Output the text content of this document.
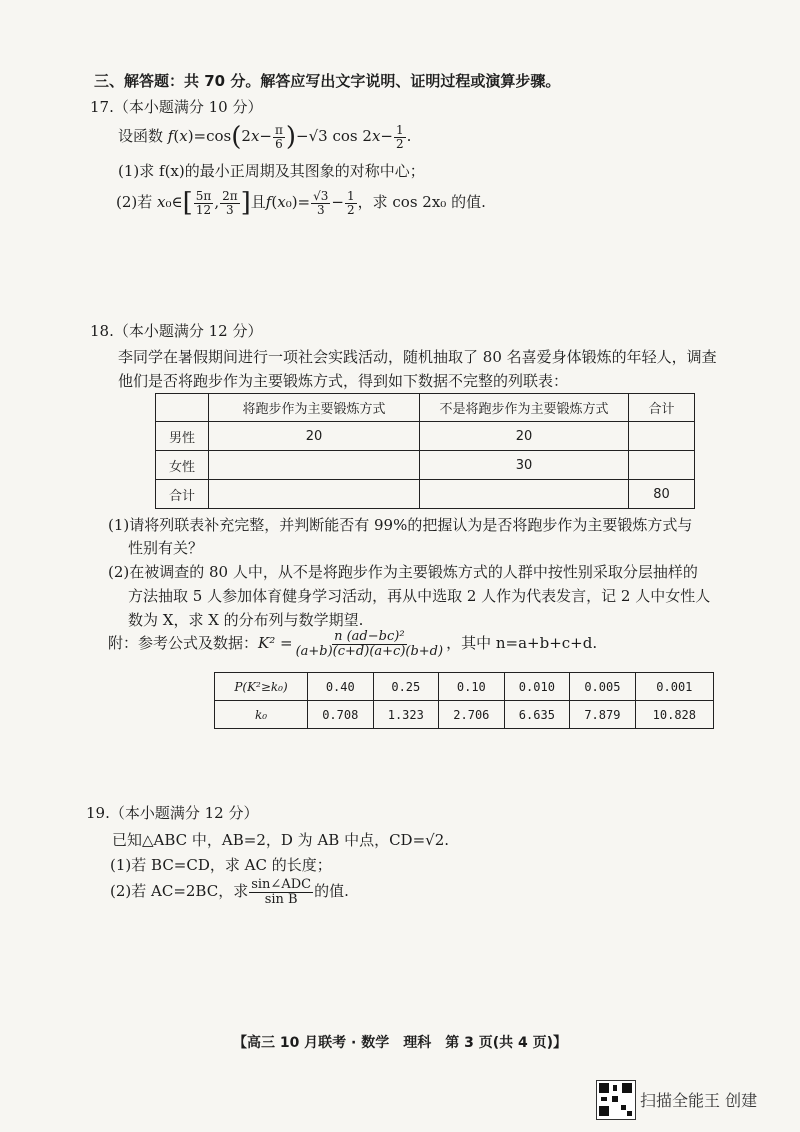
三、解答题：共 70 分。解答应写出文字说明、证明过程或演算步骤。
17.（本小题满分 10 分）
设函数 $f(x)=\cos(2x- \frac{\pi}{6} )-√3$ $\cos 2x- \frac{1}{2}$ .
(1)求 f(x)的最小正周期及其图象的对称中心；
(2)若 x₀∈[ $\frac{5\pi}{12}$ , $\frac{2\pi}{3}$ ]且$f(x_0)= \frac{√3}{3} - \frac{1}{2}$ ，求 cos 2x₀ 的值.
18.（本小题满分 12 分）
李同学在暑假期间进行一项社会实践活动，随机抽取了 80 名喜爱身体锻炼的年轻人，调查
他们是否将跑步作为主要锻炼方式，得到如下数据不完整的列联表：
	将跑步作为主要锻炼方式	不是将跑步作为主要锻炼方式	合计
男性	20	20	
女性		30	
合计			80
(1)请将列联表补充完整，并判断能否有 99%的把握认为是否将跑步作为主要锻炼方式与
性别有关？
(2)在被调查的 80 人中，从不是将跑步作为主要锻炼方式的人群中按性别采取分层抽样的
方法抽取 5 人参加体育健身学习活动，再从中选取 2 人作为代表发言，记 2 人中女性人
数为 X，求 X 的分布列与数学期望.
附：参考公式及数据：$K^2 = \frac{\text{n (ad−bc)²}}{(a+b)(c+d)(a+c)(b+d)}$ ，其中 n=a+b+c+d.
P(K²≥k₀)	0.40	0.25	0.10	0.010	0.005	0.001
k₀	0.708	1.323	2.706	6.635	7.879	10.828
19.（本小题满分 12 分）
已知△ABC 中，AB=2，D 为 AB 中点，CD=√2.
(1)若 BC=CD，求 AC 的长度；
(2)若 AC=2BC，求 $\frac{\text{sin∠ADC}}{\text{sin B}}$ 的值.
【高三 10 月联考 · 数学　理科　第 3 页(共 4 页)】
扫描全能王 创建
